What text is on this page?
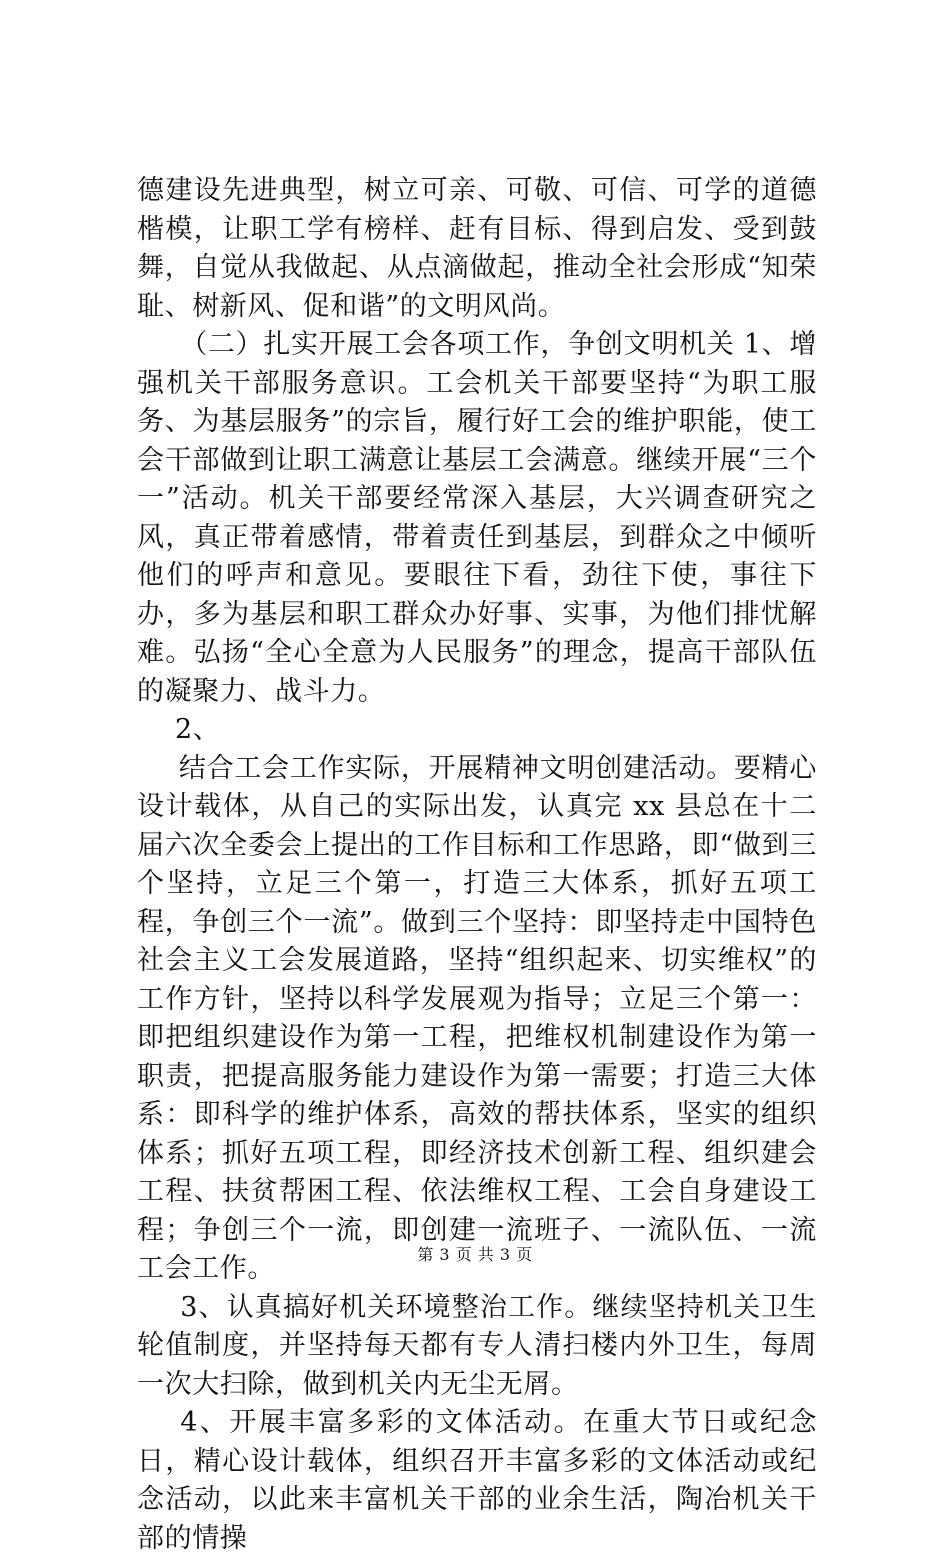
德建设先进典型，树立可亲、可敬、可信、可学的道德楷模，让职工学有榜样、赶有目标、得到启发、受到鼓舞，自觉从我做起、从点滴做起，推动全社会形成“知荣耻、树新风、促和谐”的文明风尚。

（二）扎实开展工会各项工作，争创文明机关 1、增强机关干部服务意识。工会机关干部要坚持“为职工服务、为基层服务”的宗旨，履行好工会的维护职能，使工会干部做到让职工满意让基层工会满意。继续开展“三个一”活动。机关干部要经常深入基层，大兴调查研究之风，真正带着感情，带着责任到基层，到群众之中倾听他们的呼声和意见。要眼往下看，劲往下使，事往下办，多为基层和职工群众办好事、实事，为他们排忧解难。弘扬“全心全意为人民服务”的理念，提高干部队伍的凝聚力、战斗力。

2、

结合工会工作实际，开展精神文明创建活动。要精心设计载体，从自己的实际出发，认真完 xx 县总在十二届六次全委会上提出的工作目标和工作思路，即“做到三个坚持，立足三个第一，打造三大体系，抓好五项工程，争创三个一流”。做到三个坚持：即坚持走中国特色社会主义工会发展道路，坚持“组织起来、切实维权”的工作方针，坚持以科学发展观为指导；立足三个第一：即把组织建设作为第一工程，把维权机制建设作为第一职责，把提高服务能力建设作为第一需要；打造三大体系：即科学的维护体系，高效的帮扶体系，坚实的组织体系；抓好五项工程，即经济技术创新工程、组织建会工程、扶贫帮困工程、依法维权工程、工会自身建设工程；争创三个一流，即创建一流班子、一流队伍、一流工会工作。

3、认真搞好机关环境整治工作。继续坚持机关卫生轮值制度，并坚持每天都有专人清扫楼内外卫生，每周一次大扫除，做到机关内无尘无屑。

4、开展丰富多彩的文体活动。在重大节日或纪念日，精心设计载体，组织召开丰富多彩的文体活动或纪念活动，以此来丰富机关干部的业余生活，陶冶机关干部的情操

第 3 页 共 3 页
